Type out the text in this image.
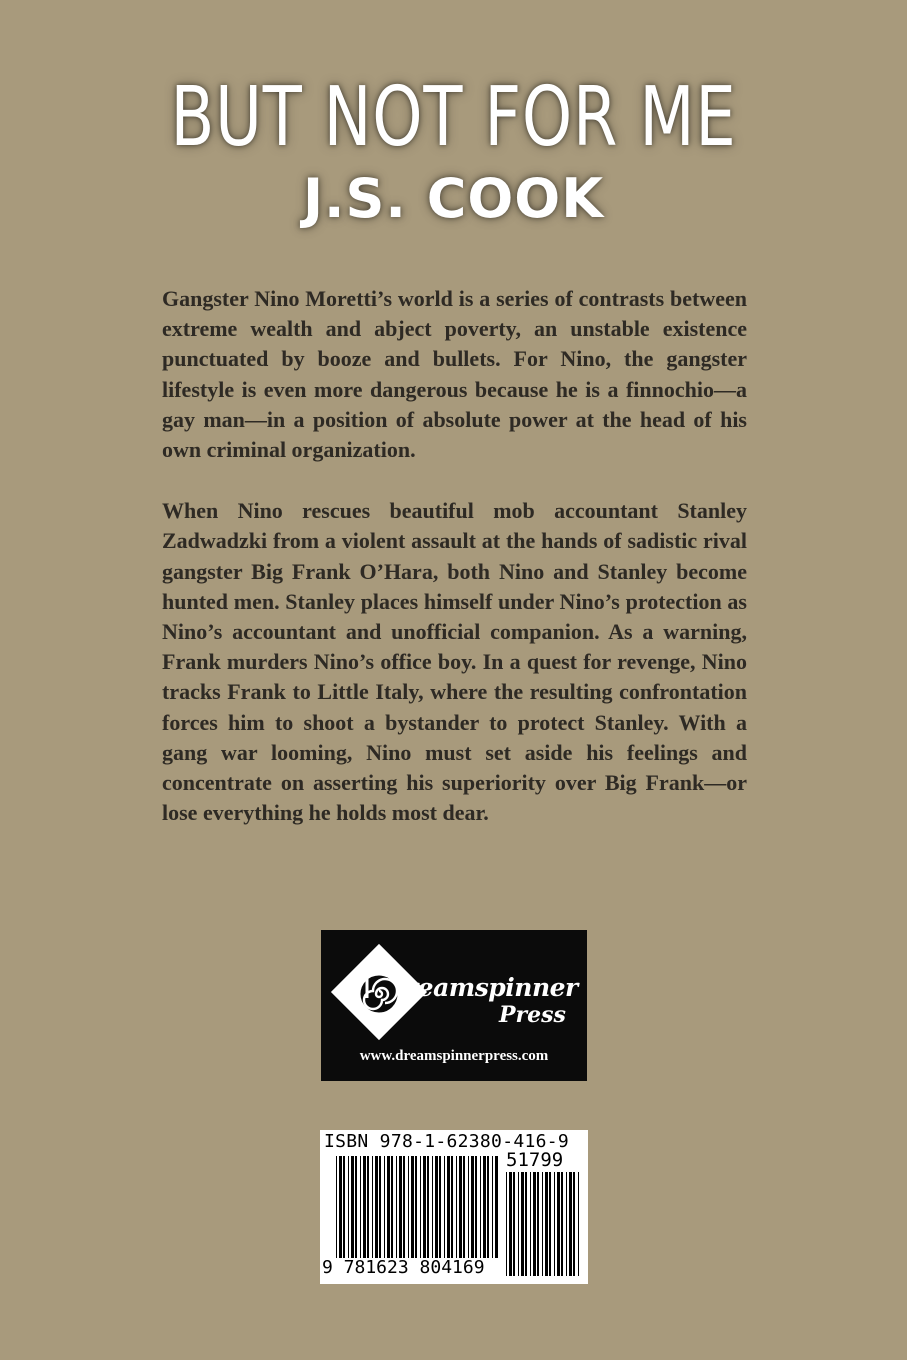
BUT NOT FOR ME
J.S. COOK

Gangster Nino Moretti’s world is a series of contrasts between extreme wealth and abject poverty, an unstable existence punctuated by booze and bullets. For Nino, the gangster lifestyle is even more dangerous because he is a finnochio—a gay man—in a position of absolute power at the head of his own criminal organization.

When Nino rescues beautiful mob accountant Stanley Zadwadzki from a violent assault at the hands of sadistic rival gangster Big Frank O’Hara, both Nino and Stanley become hunted men. Stanley places himself under Nino’s protection as Nino’s accountant and unofficial companion. As a warning, Frank murders Nino’s office boy. In a quest for revenge, Nino tracks Frank to Little Italy, where the resulting confrontation forces him to shoot a bystander to protect Stanley. With a gang war looming, Nino must set aside his feelings and concentrate on asserting his superiority over Big Frank—or lose everything he holds most dear.

reamspinner
Press
www.dreamspinnerpress.com
ISBN 978-1-62380-416-9
51799
9 781623 804169
